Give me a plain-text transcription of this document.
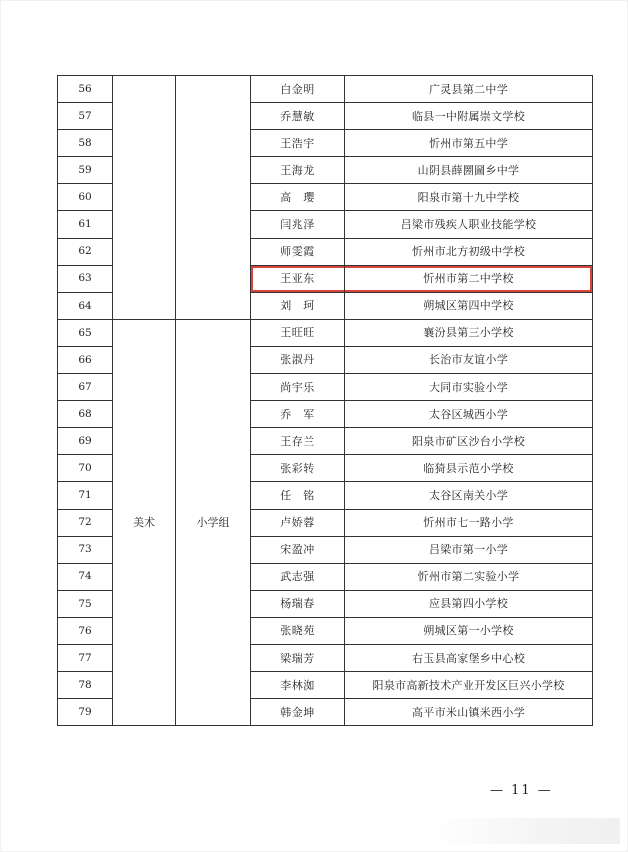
56			白金明	广灵县第二中学
57			乔慧敏	临县一中附属崇文学校
58			王浩宇	忻州市第五中学
59			王海龙	山阴县薛圐圙乡中学
60			高　璎	阳泉市第十九中学校
61			闫兆泽	吕梁市残疾人职业技能学校
62			师雯霞	忻州市北方初级中学校
63			王亚东	忻州市第二中学校
64			刘　珂	朔城区第四中学校
65	美术	小学组	王旺旺	襄汾县第三小学校
66			张淑丹	长治市友谊小学
67			尚宇乐	大同市实验小学
68			乔　军	太谷区城西小学
69			王存兰	阳泉市矿区沙台小学校
70			张彩转	临猗县示范小学校
71			任　铭	太谷区南关小学
72			卢娇蓉	忻州市七一路小学
73			宋盈冲	吕梁市第一小学
74			武志强	忻州市第二实验小学
75			杨瑞春	应县第四小学校
76			张晓苑	朔城区第一小学校
77			梁瑞芳	右玉县高家堡乡中心校
78			李林洳	阳泉市高新技术产业开发区巨兴小学校
79			韩金坤	高平市米山镇米西小学
— 11 —
